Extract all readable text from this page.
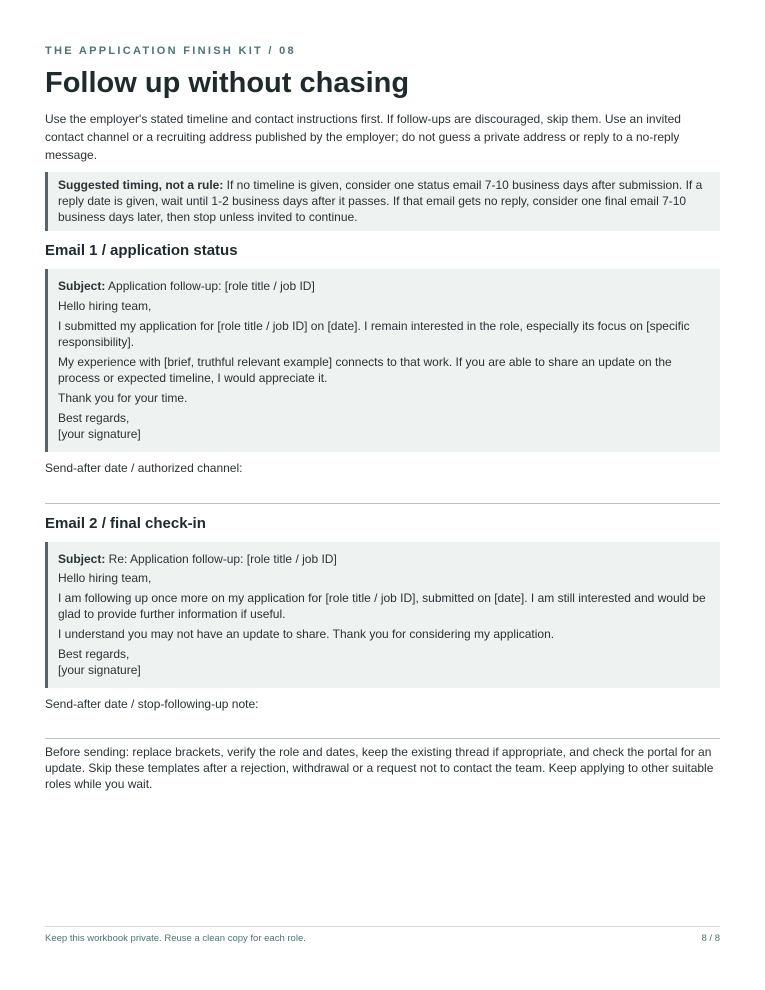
THE APPLICATION FINISH KIT / 08
Follow up without chasing
Use the employer's stated timeline and contact instructions first. If follow-ups are discouraged, skip them. Use an invited contact channel or a recruiting address published by the employer; do not guess a private address or reply to a no-reply message.
Suggested timing, not a rule: If no timeline is given, consider one status email 7-10 business days after submission. If a reply date is given, wait until 1-2 business days after it passes. If that email gets no reply, consider one final email 7-10 business days later, then stop unless invited to continue.
Email 1 / application status

Subject: Application follow-up: [role title / job ID]

Hello hiring team,

I submitted my application for [role title / job ID] on [date]. I remain interested in the role, especially its focus on [specific responsibility].

My experience with [brief, truthful relevant example] connects to that work. If you are able to share an update on the process or expected timeline, I would appreciate it.

Thank you for your time.

Best regards,

[your signature]

Send-after date / authorized channel:
Email 2 / final check-in

Subject: Re: Application follow-up: [role title / job ID]

Hello hiring team,

I am following up once more on my application for [role title / job ID], submitted on [date]. I am still interested and would be glad to provide further information if useful.

I understand you may not have an update to share. Thank you for considering my application.

Best regards,

[your signature]

Send-after date / stop-following-up note:
Before sending: replace brackets, verify the role and dates, keep the existing thread if appropriate, and check the portal for an update. Skip these templates after a rejection, withdrawal or a request not to contact the team. Keep applying to other suitable roles while you wait.
Keep this workbook private. Reuse a clean copy for each role.	8 / 8
